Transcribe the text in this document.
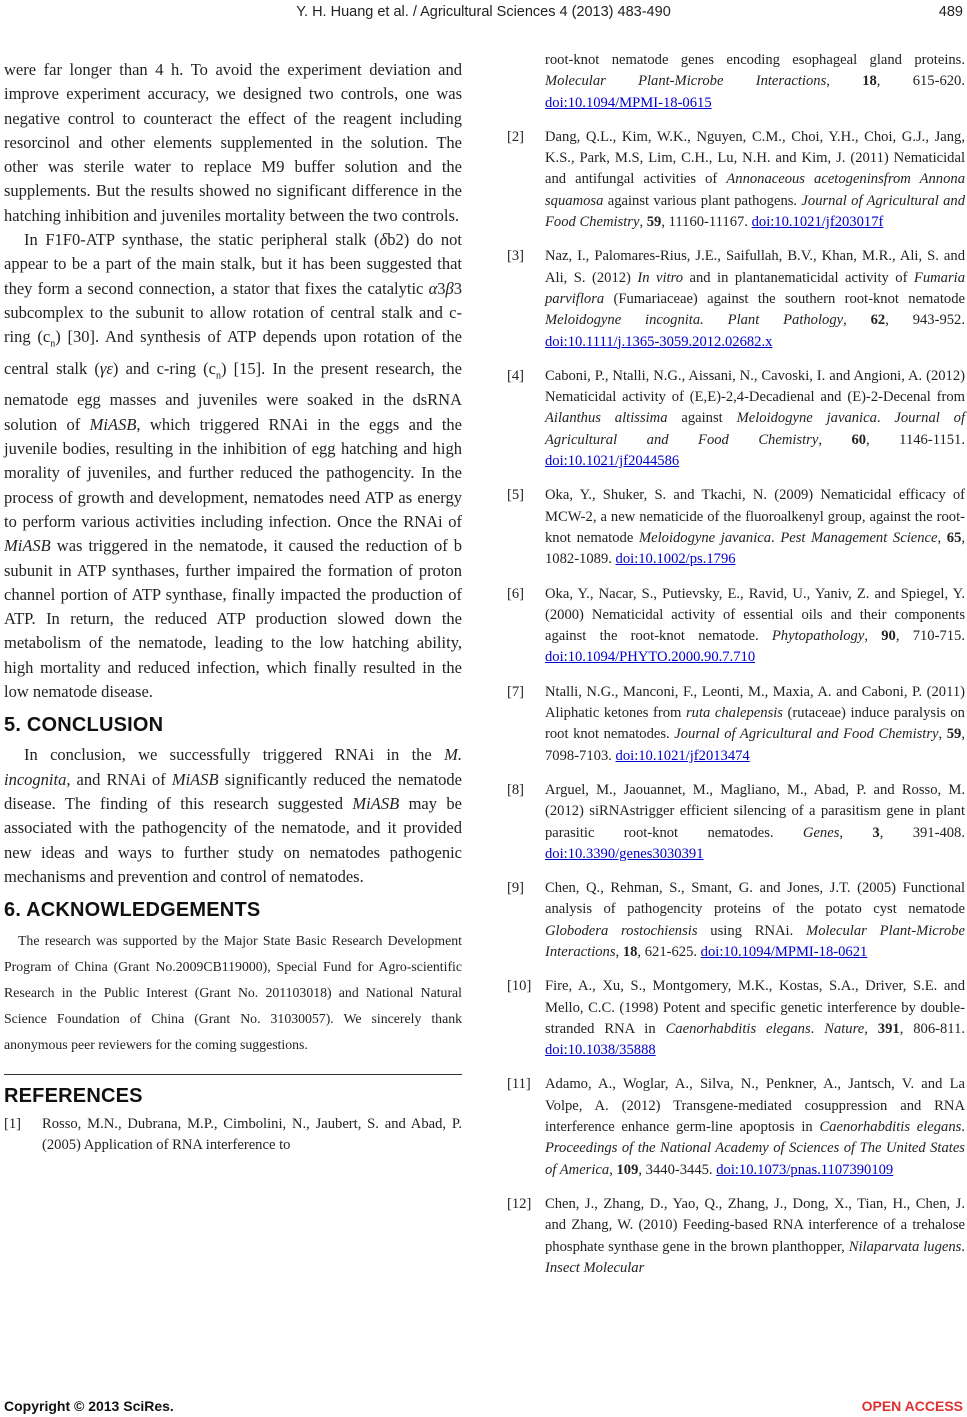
Y. H. Huang et al. / Agricultural Sciences 4 (2013) 483-490	489

were far longer than 4 h. To avoid the experiment deviation and improve experiment accuracy, we designed two controls, one was negative control to counteract the effect of the reagent including resorcinol and other elements supplemented in the solution. The other was sterile water to replace M9 buffer solution and the supplements. But the results showed no significant difference in the hatching inhibition and juveniles mortality between the two controls.

In F1F0-ATP synthase, the static peripheral stalk (δb2) do not appear to be a part of the main stalk, but it has been suggested that they form a second connection, a stator that fixes the catalytic α3β3 subcomplex to the subunit to allow rotation of central stalk and c-ring $(c_n)$ [30]. And synthesis of ATP depends upon rotation of the central stalk (γε) and c-ring $(c_n)$ [15]. In the present research, the nematode egg masses and juveniles were soaked in the dsRNA solution of MiASB, which triggered RNAi in the eggs and the juvenile bodies, resulting in the inhibition of egg hatching and high morality of juveniles, and further reduced the pathogencity. In the process of growth and development, nematodes need ATP as energy to perform various activities including infection. Once the RNAi of MiASB was triggered in the nematode, it caused the reduction of b subunit in ATP synthases, further impaired the formation of proton channel portion of ATP synthase, finally impacted the production of ATP. In return, the reduced ATP production slowed down the metabolism of the nematode, leading to the low hatching ability, high mortality and reduced infection, which finally resulted in the low nematode disease.

5. CONCLUSION

In conclusion, we successfully triggered RNAi in the M. incognita, and RNAi of MiASB significantly reduced the nematode disease. The finding of this research suggested MiASB may be associated with the pathogencity of the nematode, and it provided new ideas and ways to further study on nematodes pathogenic mechanisms and prevention and control of nematodes.

6. ACKNOWLEDGEMENTS

The research was supported by the Major State Basic Research Development Program of China (Grant No.2009CB119000), Special Fund for Agro-scientific Research in the Public Interest (Grant No. 201103018) and National Natural Science Foundation of China (Grant No. 31030057). We sincerely thank anonymous peer reviewers for the coming suggestions.

REFERENCES

[1] Rosso, M.N., Dubrana, M.P., Cimbolini, N., Jaubert, S. and Abad, P. (2005) Application of RNA interference to

root-knot nematode genes encoding esophageal gland proteins. Molecular Plant-Microbe Interactions, 18, 615-620. doi:10.1094/MPMI-18-0615

[2] Dang, Q.L., Kim, W.K., Nguyen, C.M., Choi, Y.H., Choi, G.J., Jang, K.S., Park, M.S, Lim, C.H., Lu, N.H. and Kim, J. (2011) Nematicidal and antifungal activities of Annonaceous acetogeninsfrom Annona squamosa against various plant pathogens. Journal of Agricultural and Food Chemistry, 59, 11160-11167. doi:10.1021/jf203017f

[3] Naz, I., Palomares-Rius, J.E., Saifullah, B.V., Khan, M.R., Ali, S. and Ali, S. (2012) In vitro and in plantanematicidal activity of Fumaria parviflora (Fumariaceae) against the southern root-knot nematode Meloidogyne incognita. Plant Pathology, 62, 943-952. doi:10.1111/j.1365-3059.2012.02682.x

[4] Caboni, P., Ntalli, N.G., Aissani, N., Cavoski, I. and Angioni, A. (2012) Nematicidal activity of (E,E)-2,4-Decadienal and (E)-2-Decenal from Ailanthus altissima against Meloidogyne javanica. Journal of Agricultural and Food Chemistry, 60, 1146-1151. doi:10.1021/jf2044586

[5] Oka, Y., Shuker, S. and Tkachi, N. (2009) Nematicidal efficacy of MCW-2, a new nematicide of the fluoroalkenyl group, against the root-knot nematode Meloidogyne javanica. Pest Management Science, 65, 1082-1089. doi:10.1002/ps.1796

[6] Oka, Y., Nacar, S., Putievsky, E., Ravid, U., Yaniv, Z. and Spiegel, Y. (2000) Nematicidal activity of essential oils and their components against the root-knot nematode. Phytopathology, 90, 710-715. doi:10.1094/PHYTO.2000.90.7.710

[7] Ntalli, N.G., Manconi, F., Leonti, M., Maxia, A. and Caboni, P. (2011) Aliphatic ketones from ruta chalepensis (rutaceae) induce paralysis on root knot nematodes. Journal of Agricultural and Food Chemistry, 59, 7098-7103. doi:10.1021/jf2013474

[8] Arguel, M., Jaouannet, M., Magliano, M., Abad, P. and Rosso, M. (2012) siRNAstrigger efficient silencing of a parasitism gene in plant parasitic root-knot nematodes. Genes, 3, 391-408. doi:10.3390/genes3030391

[9] Chen, Q., Rehman, S., Smant, G. and Jones, J.T. (2005) Functional analysis of pathogencity proteins of the potato cyst nematode Globodera rostochiensis using RNAi. Molecular Plant-Microbe Interactions, 18, 621-625. doi:10.1094/MPMI-18-0621

[10] Fire, A., Xu, S., Montgomery, M.K., Kostas, S.A., Driver, S.E. and Mello, C.C. (1998) Potent and specific genetic interference by double-stranded RNA in Caenorhabditis elegans. Nature, 391, 806-811. doi:10.1038/35888

[11] Adamo, A., Woglar, A., Silva, N., Penkner, A., Jantsch, V. and La Volpe, A. (2012) Transgene-mediated cosuppression and RNA interference enhance germ-line apoptosis in Caenorhabditis elegans. Proceedings of the National Academy of Sciences of The United States of America, 109, 3440-3445. doi:10.1073/pnas.1107390109

[12] Chen, J., Zhang, D., Yao, Q., Zhang, J., Dong, X., Tian, H., Chen, J. and Zhang, W. (2010) Feeding-based RNA interference of a trehalose phosphate synthase gene in the brown planthopper, Nilaparvata lugens. Insect Molecular

Copyright © 2013 SciRes.	OPEN ACCESS
